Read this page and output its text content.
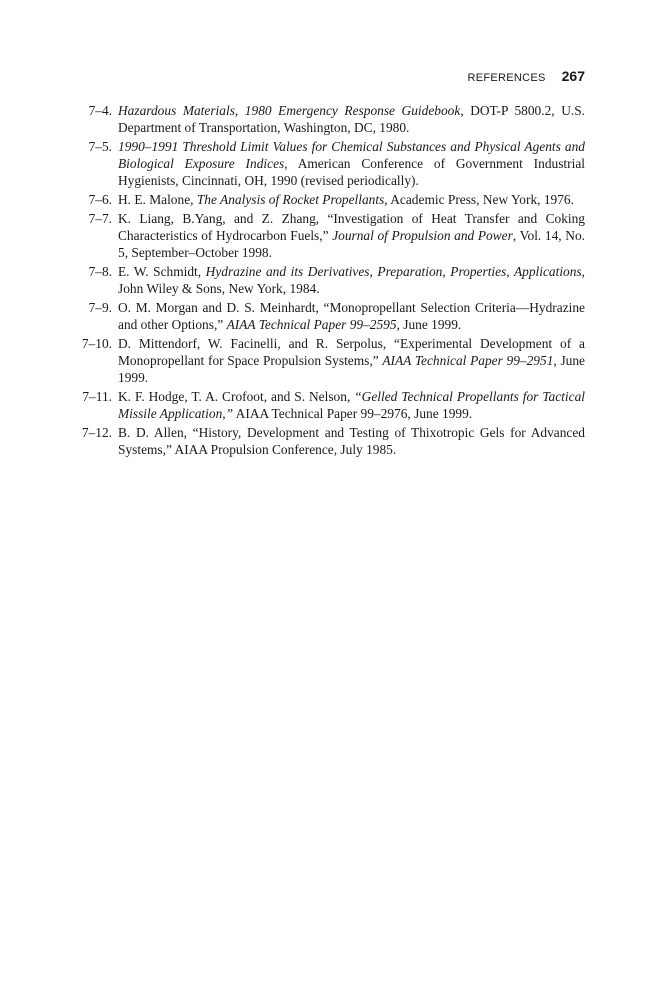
REFERENCES 267
7–4. Hazardous Materials, 1980 Emergency Response Guidebook, DOT-P 5800.2, U.S. Department of Transportation, Washington, DC, 1980.
7–5. 1990–1991 Threshold Limit Values for Chemical Substances and Physical Agents and Biological Exposure Indices, American Conference of Government Industrial Hygienists, Cincinnati, OH, 1990 (revised periodically).
7–6. H. E. Malone, The Analysis of Rocket Propellants, Academic Press, New York, 1976.
7–7. K. Liang, B.Yang, and Z. Zhang, “Investigation of Heat Transfer and Coking Characteristics of Hydrocarbon Fuels,” Journal of Propulsion and Power, Vol. 14, No. 5, September–October 1998.
7–8. E. W. Schmidt, Hydrazine and its Derivatives, Preparation, Properties, Applications, John Wiley & Sons, New York, 1984.
7–9. O. M. Morgan and D. S. Meinhardt, “Monopropellant Selection Criteria—Hydrazine and other Options,” AIAA Technical Paper 99–2595, June 1999.
7–10. D. Mittendorf, W. Facinelli, and R. Serpolus, “Experimental Development of a Monopropellant for Space Propulsion Systems,” AIAA Technical Paper 99–2951, June 1999.
7–11. K. F. Hodge, T. A. Crofoot, and S. Nelson, “Gelled Technical Propellants for Tactical Missile Application,” AIAA Technical Paper 99–2976, June 1999.
7–12. B. D. Allen, “History, Development and Testing of Thixotropic Gels for Advanced Systems,” AIAA Propulsion Conference, July 1985.
